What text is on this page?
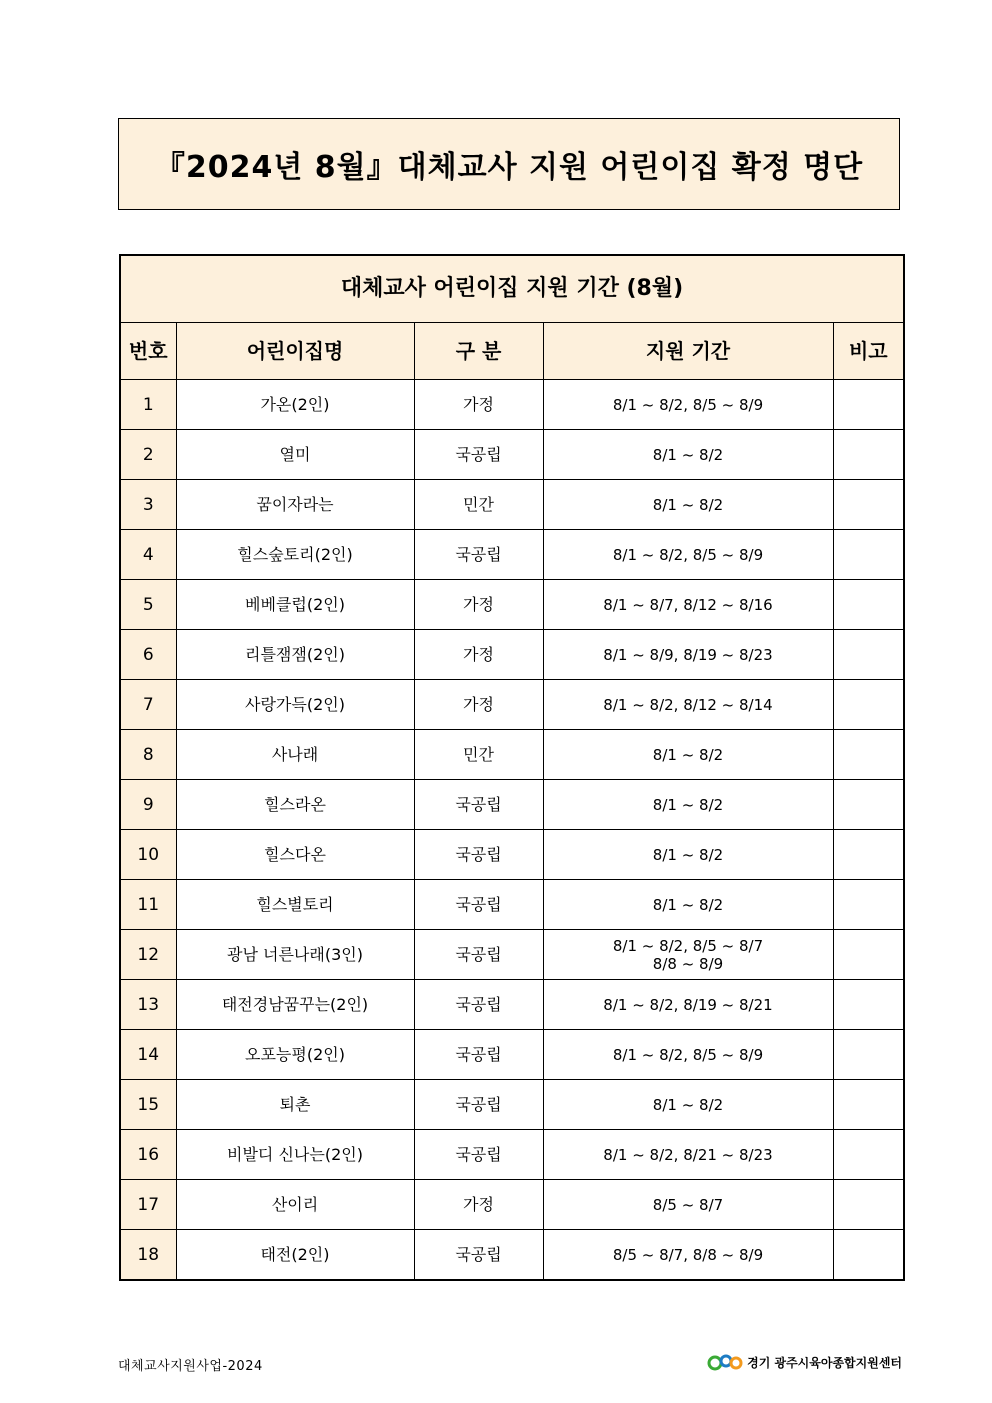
『2024년 8월』대체교사 지원 어린이집 확정 명단
대체교사 어린이집 지원 기간 (8월)				
번호	어린이집명	구 분	지원 기간	비고
1	가온(2인)	가정	8/1 ~ 8/2, 8/5 ~ 8/9	
2	열미	국공립	8/1 ~ 8/2	
3	꿈이자라는	민간	8/1 ~ 8/2	
4	힐스숲토리(2인)	국공립	8/1 ~ 8/2, 8/5 ~ 8/9	
5	베베클럽(2인)	가정	8/1 ~ 8/7, 8/12 ~ 8/16	
6	리틀잼잼(2인)	가정	8/1 ~ 8/9, 8/19 ~ 8/23	
7	사랑가득(2인)	가정	8/1 ~ 8/2, 8/12 ~ 8/14	
8	사나래	민간	8/1 ~ 8/2	
9	힐스라온	국공립	8/1 ~ 8/2	
10	힐스다온	국공립	8/1 ~ 8/2	
11	힐스별토리	국공립	8/1 ~ 8/2	
12	광남 너른나래(3인)	국공립	8/1 ~ 8/2, 8/5 ~ 8/7
8/8 ~ 8/9	

13	태전경남꿈꾸는(2인)	국공립	8/1 ~ 8/2, 8/19 ~ 8/21	
14	오포능평(2인)	국공립	8/1 ~ 8/2, 8/5 ~ 8/9	
15	퇴촌	국공립	8/1 ~ 8/2	
16	비발디 신나는(2인)	국공립	8/1 ~ 8/2, 8/21 ~ 8/23	
17	산이리	가정	8/5 ~ 8/7	
18	태전(2인)	국공립	8/5 ~ 8/7, 8/8 ~ 8/9	
대체교사지원사업-2024	경기 광주시육아종합지원센터
